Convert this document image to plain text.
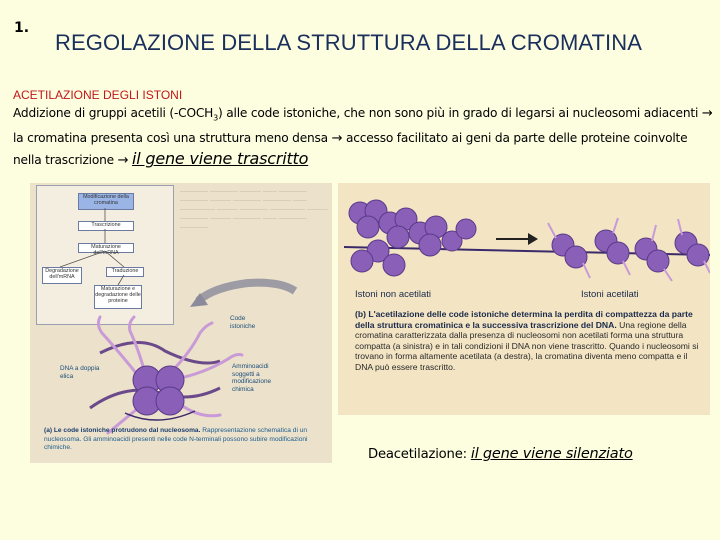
1.
REGOLAZIONE DELLA STRUTTURA DELLA CROMATINA
ACETILAZIONE DEGLI ISTONI
Addizione di gruppi acetili $(-COCH_3)$ alle code istoniche, che non sono più in grado di legarsi ai nucleosomi adiacenti → la cromatina presenta così una struttura meno densa → accesso facilitato ai geni da parte delle proteine coinvolte nella trascrizione → il gene viene trascritto
Modificazione della cromatina
Trascrizione
Maturazione dell'mRNA
Degradazione dell'mRNA
Traduzione
Maturazione e degradazione delle proteine
———— ———— ——— —— ———— ———— ——— ———— ———— —— ————— ——— ———— ————— ——— ———— ——— ———— —— ———— ————
Code istoniche
DNA a doppia elica
Amminoacidi soggetti a modificazione chimica
(a) Le code istoniche protrudono dal nucleosoma. Rappresentazione schematica di un nucleosoma. Gli amminoacidi presenti nelle code N-terminali possono subire modificazioni chimiche.
Istoni non acetilati	Istoni acetilati
(b) L'acetilazione delle code istoniche determina la perdita di compattezza da parte della struttura cromatinica e la successiva trascrizione del DNA. Una regione della cromatina caratterizzata dalla presenza di nucleosomi non acetilati forma una struttura compatta (a sinistra) e in tali condizioni il DNA non viene trascritto. Quando i nucleosomi si trovano in forma altamente acetilata (a destra), la cromatina diventa meno compatta e il DNA può essere trascritto.
Deacetilazione: il gene viene silenziato
